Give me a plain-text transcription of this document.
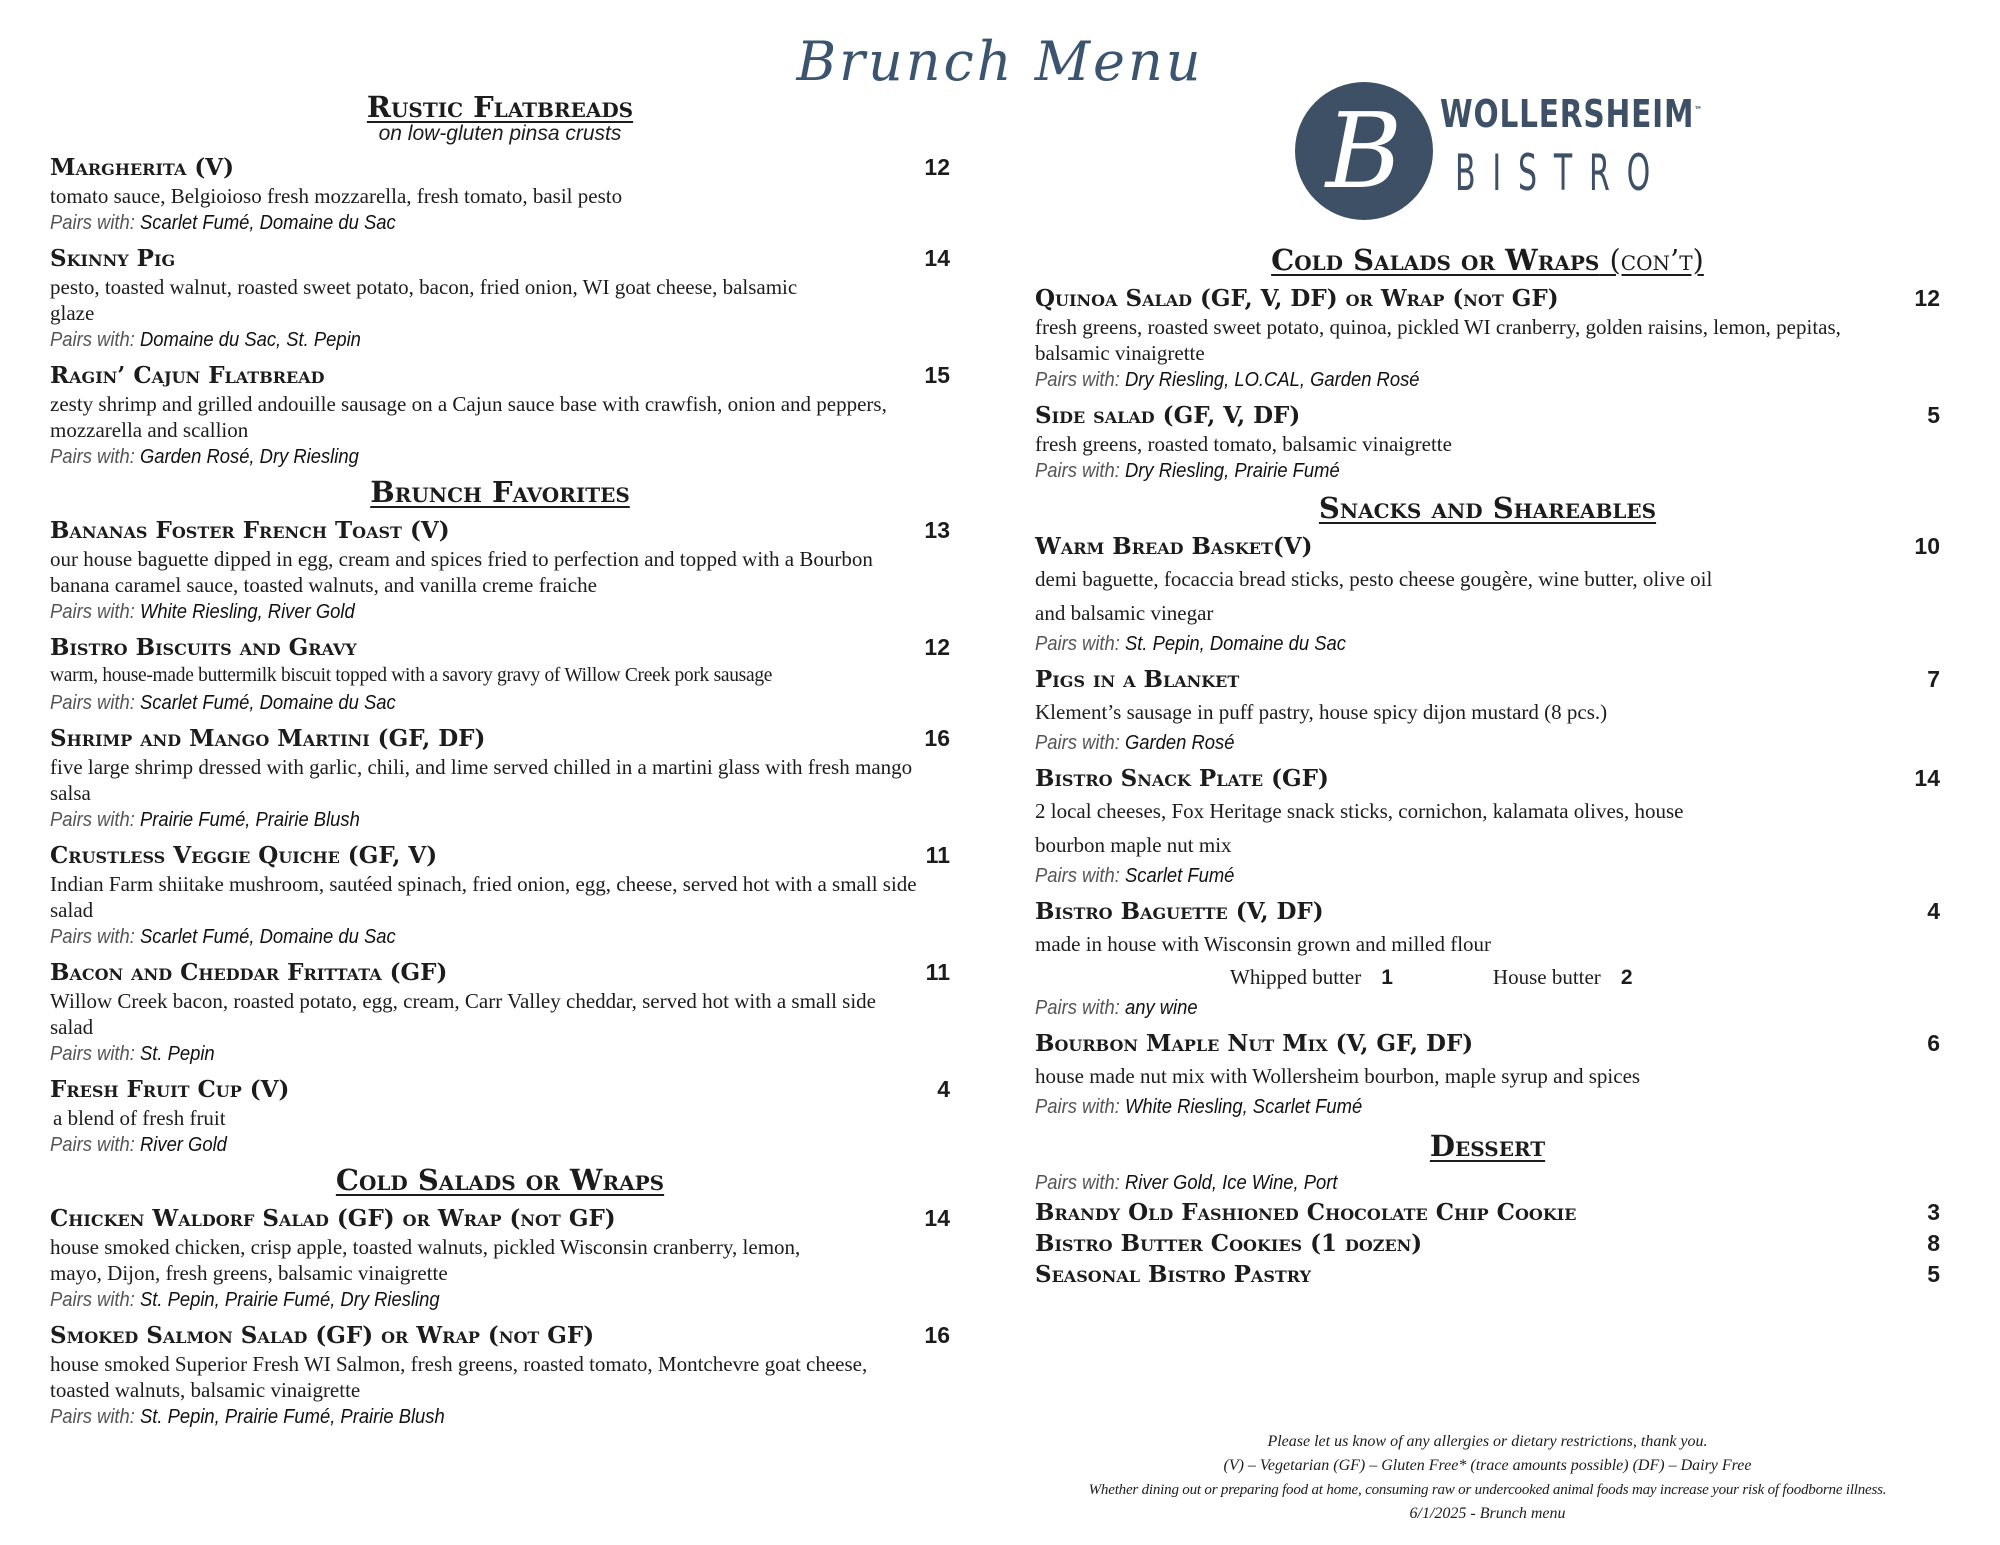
Brunch Menu
B WOLLERSHEIM™
BISTRO
Rustic Flatbreads
on low-gluten pinsa crusts
Margherita (V)	12
tomato sauce, Belgioioso fresh mozzarella, fresh tomato, basil pesto
Pairs with: Scarlet Fumé, Domaine du Sac
Skinny Pig	14
pesto, toasted walnut, roasted sweet potato, bacon, fried onion, WI goat cheese, balsamic glaze
Pairs with: Domaine du Sac, St. Pepin
Ragin’ Cajun Flatbread	15
zesty shrimp and grilled andouille sausage on a Cajun sauce base with crawfish, onion and peppers, mozzarella and scallion
Pairs with: Garden Rosé, Dry Riesling
Brunch Favorites
Bananas Foster French Toast (V)	13
our house baguette dipped in egg, cream and spices fried to perfection and topped with a Bourbon banana caramel sauce, toasted walnuts, and vanilla creme fraiche
Pairs with: White Riesling, River Gold
Bistro Biscuits and Gravy	12
warm, house-made buttermilk biscuit topped with a savory gravy of Willow Creek pork sausage
Pairs with: Scarlet Fumé, Domaine du Sac
Shrimp and Mango Martini (GF, DF)	16
five large shrimp dressed with garlic, chili, and lime served chilled in a martini glass with fresh mango salsa
Pairs with: Prairie Fumé, Prairie Blush
Crustless Veggie Quiche (GF, V)	11
Indian Farm shiitake mushroom, sautéed spinach, fried onion, egg, cheese, served hot with a small side salad
Pairs with: Scarlet Fumé, Domaine du Sac
Bacon and Cheddar Frittata (GF)	11
Willow Creek bacon, roasted potato, egg, cream, Carr Valley cheddar, served hot with a small side salad
Pairs with: St. Pepin
Fresh Fruit Cup (V)	4
a blend of fresh fruit
Pairs with: River Gold
Cold Salads or Wraps
Chicken Waldorf Salad (GF) or Wrap (not GF)	14
house smoked chicken, crisp apple, toasted walnuts, pickled Wisconsin cranberry, lemon, mayo, Dijon, fresh greens, balsamic vinaigrette
Pairs with: St. Pepin, Prairie Fumé, Dry Riesling
Smoked Salmon Salad (GF) or Wrap (not GF)	16
house smoked Superior Fresh WI Salmon, fresh greens, roasted tomato, Montchevre goat cheese, toasted walnuts, balsamic vinaigrette
Pairs with: St. Pepin, Prairie Fumé, Prairie Blush
Cold Salads or Wraps (con’t)
Quinoa Salad (GF, V, DF) or Wrap (not GF)	12
fresh greens, roasted sweet potato, quinoa, pickled WI cranberry, golden raisins, lemon, pepitas, balsamic vinaigrette
Pairs with: Dry Riesling, LO.CAL, Garden Rosé
Side salad (GF, V, DF)	5
fresh greens, roasted tomato, balsamic vinaigrette
Pairs with: Dry Riesling, Prairie Fumé
Snacks and Shareables
Warm Bread Basket(V)	10
demi baguette, focaccia bread sticks, pesto cheese gougère, wine butter, olive oil and balsamic vinegar
Pairs with: St. Pepin, Domaine du Sac
Pigs in a Blanket	7
Klement’s sausage in puff pastry, house spicy dijon mustard (8 pcs.)
Pairs with: Garden Rosé
Bistro Snack Plate (GF)	14
2 local cheeses, Fox Heritage snack sticks, cornichon, kalamata olives, house bourbon maple nut mix
Pairs with: Scarlet Fumé
Bistro Baguette (V, DF)	4
made in house with Wisconsin grown and milled flour
Whipped butter 1	House butter 2
Pairs with: any wine
Bourbon Maple Nut Mix (V, GF, DF)	6
house made nut mix with Wollersheim bourbon, maple syrup and spices
Pairs with: White Riesling, Scarlet Fumé
Dessert
Pairs with: River Gold, Ice Wine, Port
Brandy Old Fashioned Chocolate Chip Cookie	3
Bistro Butter Cookies (1 dozen)	8
Seasonal Bistro Pastry	5
Please let us know of any allergies or dietary restrictions, thank you.
(V) – Vegetarian (GF) – Gluten Free* (trace amounts possible) (DF) – Dairy Free
Whether dining out or preparing food at home, consuming raw or undercooked animal foods may increase your risk of foodborne illness.
6/1/2025 - Brunch menu
